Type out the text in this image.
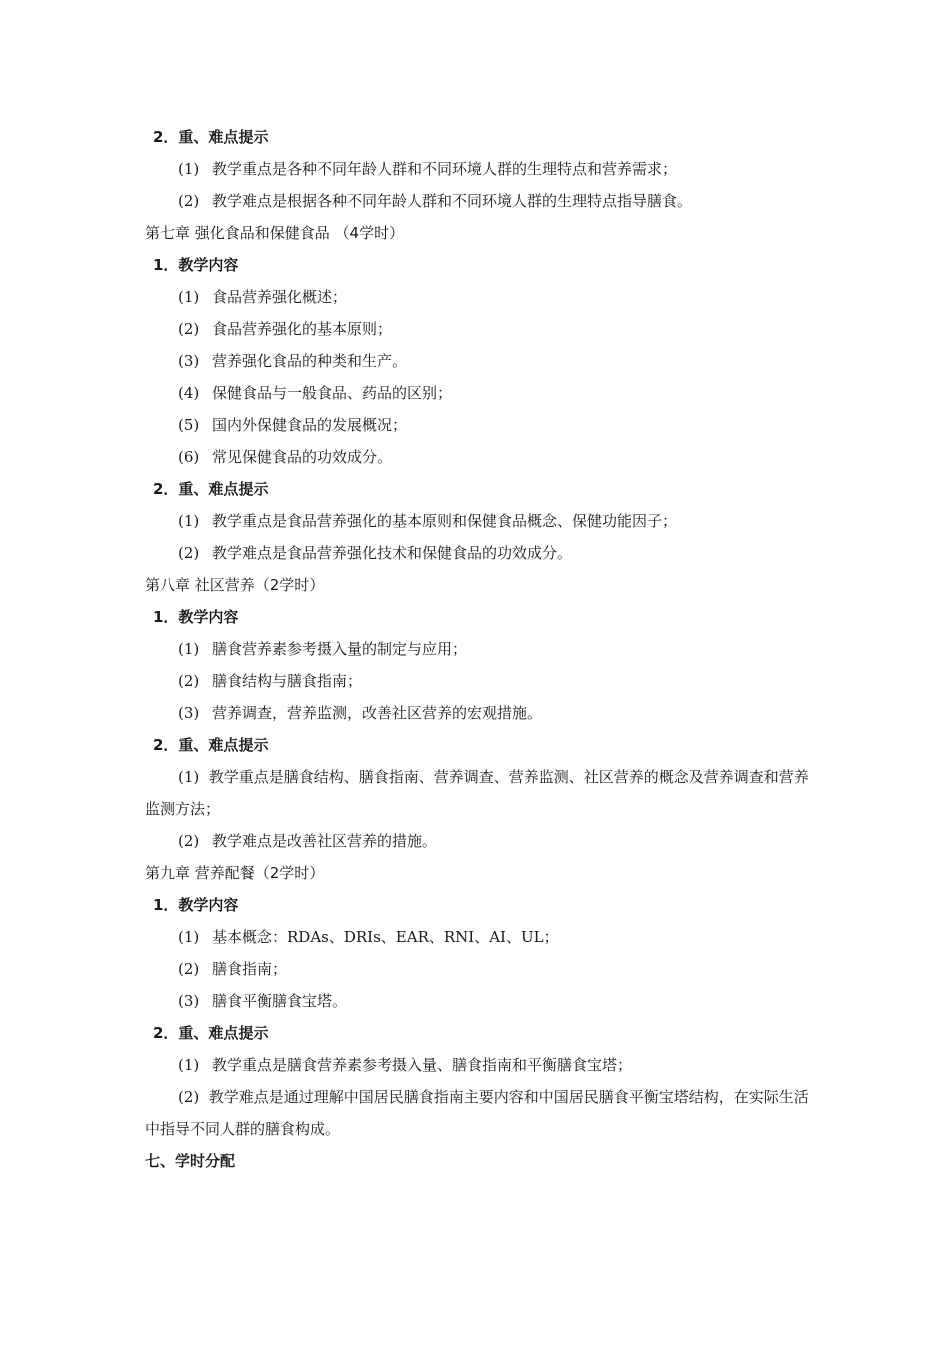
2．重、难点提示
(1) 教学重点是各种不同年龄人群和不同环境人群的生理特点和营养需求；
(2) 教学难点是根据各种不同年龄人群和不同环境人群的生理特点指导膳食。
第七章 强化食品和保健食品 （4学时）
1．教学内容
(1) 食品营养强化概述；
(2) 食品营养强化的基本原则；
(3) 营养强化食品的种类和生产。
(4) 保健食品与一般食品、药品的区别；
(5) 国内外保健食品的发展概况；
(6) 常见保健食品的功效成分。
2．重、难点提示
(1) 教学重点是食品营养强化的基本原则和保健食品概念、保健功能因子；
(2) 教学难点是食品营养强化技术和保健食品的功效成分。
第八章 社区营养（2学时）
1．教学内容
(1) 膳食营养素参考摄入量的制定与应用；
(2) 膳食结构与膳食指南；
(3) 营养调查，营养监测，改善社区营养的宏观措施。
2．重、难点提示
(1) 教学重点是膳食结构、膳食指南、营养调查、营养监测、社区营养的概念及营养调查和营养监测方法；
(2) 教学难点是改善社区营养的措施。
第九章 营养配餐（2学时）
1．教学内容
(1) 基本概念：RDAs、DRIs、EAR、RNI、AI、UL；
(2) 膳食指南；
(3) 膳食平衡膳食宝塔。
2．重、难点提示
(1) 教学重点是膳食营养素参考摄入量、膳食指南和平衡膳食宝塔；
(2) 教学难点是通过理解中国居民膳食指南主要内容和中国居民膳食平衡宝塔结构，在实际生活中指导不同人群的膳食构成。
七、学时分配
